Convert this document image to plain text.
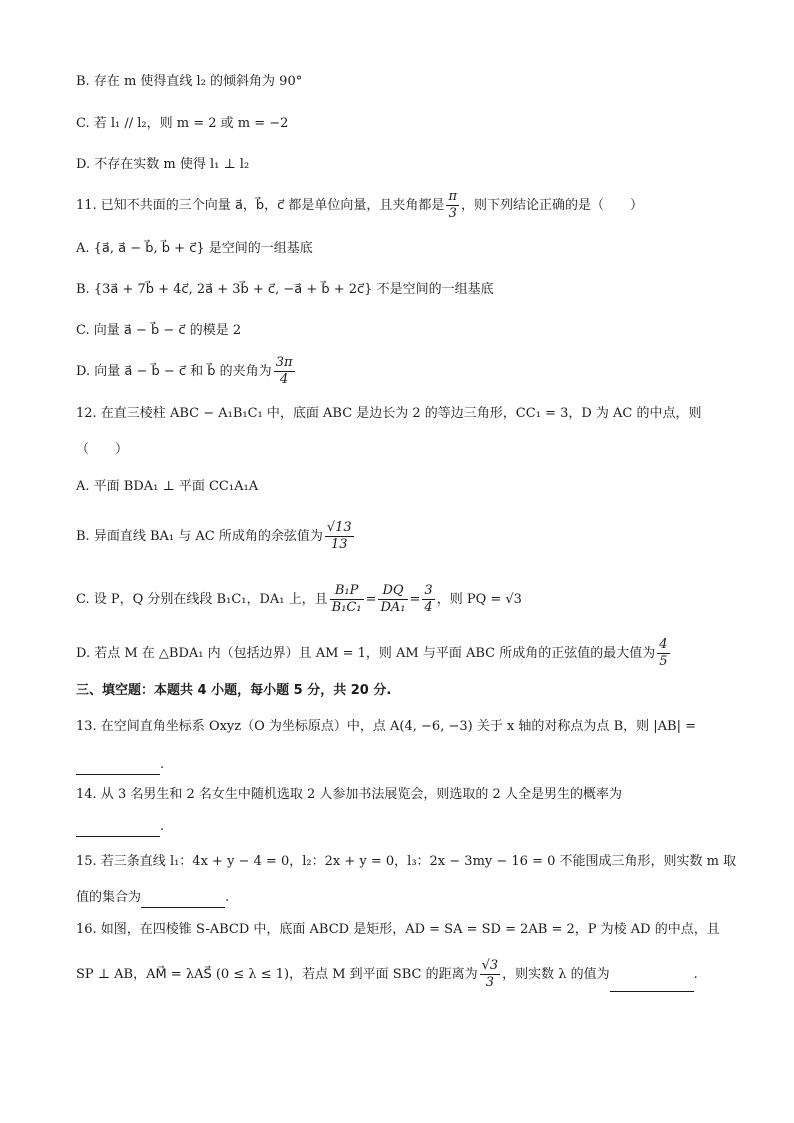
B. 存在 m 使得直线 l₂ 的倾斜角为 90°
C. 若 l₁ // l₂，则 m = 2 或 m = −2
D. 不存在实数 m 使得 l₁ ⊥ l₂
11. 已知不共面的三个向量 a⃗，b⃗，c⃗ 都是单位向量，且夹角都是 $\frac{\pi}{3}$ ，则下列结论正确的是（　　）
A. {a⃗, a⃗ − b⃗, b⃗ + c⃗} 是空间的一组基底
B. {3a⃗ + 7b⃗ + 4c⃗, 2a⃗ + 3b⃗ + c⃗, −a⃗ + b⃗ + 2c⃗} 不是空间的一组基底
C. 向量 a⃗ − b⃗ − c⃗ 的模是 2
D. 向量 a⃗ − b⃗ − c⃗ 和 b⃗ 的夹角为 $\frac{3\pi}{4}$
12. 在直三棱柱 ABC − A₁B₁C₁ 中，底面 ABC 是边长为 2 的等边三角形，CC₁ = 3，D 为 AC 的中点，则
（　　）
A. 平面 BDA₁ ⊥ 平面 CC₁A₁A
B. 异面直线 BA₁ 与 AC 所成角的余弦值为 $\frac{√13}{13}$
C. 设 P，Q 分别在线段 B₁C₁，DA₁ 上，且 $\frac{\text{B₁P}}{\text{B₁C₁}} = \frac{DQ}{\text{DA₁}} = \frac{3}{4}$ ，则 PQ = √3
D. 若点 M 在 △BDA₁ 内（包括边界）且 AM = 1，则 AM 与平面 ABC 所成角的正弦值的最大值为 $\frac{4}{5}$
三、填空题：本题共 4 小题，每小题 5 分，共 20 分.
13. 在空间直角坐标系 Oxyz（O 为坐标原点）中，点 A(4, −6, −3) 关于 x 轴的对称点为点 B，则 |AB| =
.
14. 从 3 名男生和 2 名女生中随机选取 2 人参加书法展览会，则选取的 2 人全是男生的概率为
.
15. 若三条直线 l₁：4x + y − 4 = 0，l₂：2x + y = 0，l₃：2x − 3my − 16 = 0 不能围成三角形，则实数 m 取
值的集合为	.
16. 如图，在四棱锥 S-ABCD 中，底面 ABCD 是矩形，AD = SA = SD = 2AB = 2，P 为棱 AD 的中点，且
SP ⊥ AB，AM⃗ = λAS⃗ (0 ≤ λ ≤ 1)，若点 M 到平面 SBC 的距离为 $\frac{√3}{3}$ ，则实数 λ 的值为	.
